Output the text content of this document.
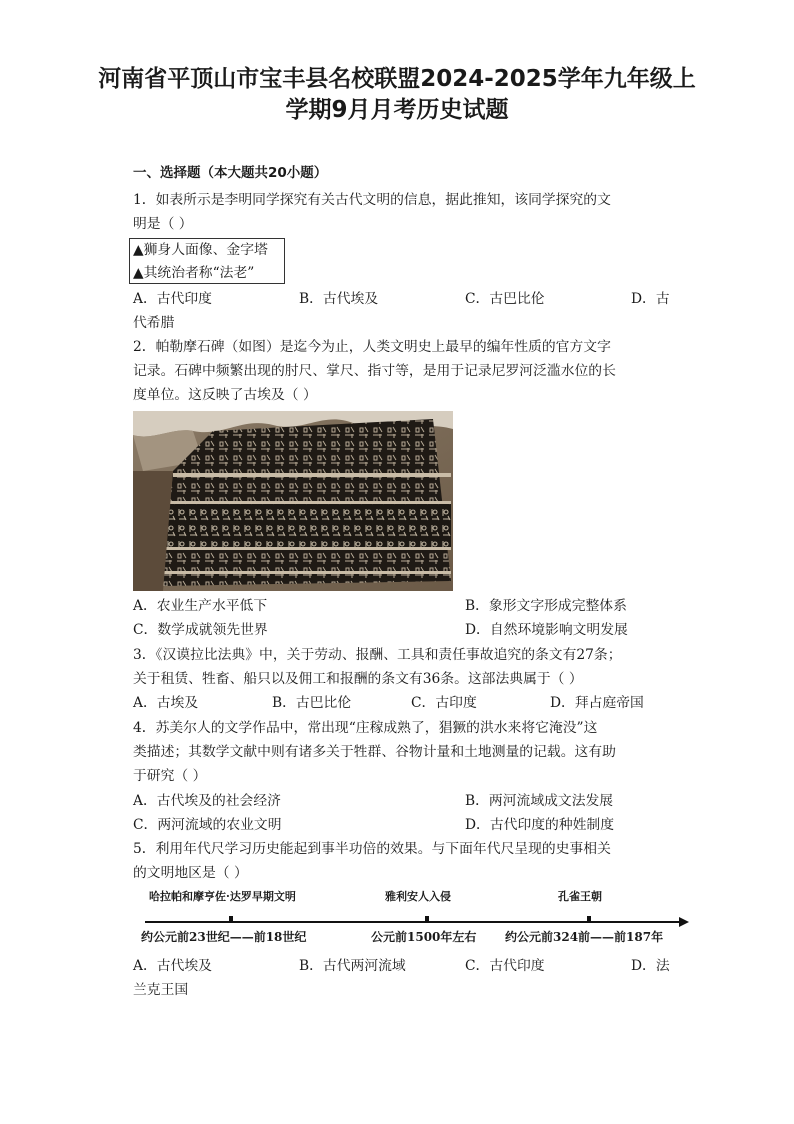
河南省平顶山市宝丰县名校联盟2024-2025学年九年级上
学期9月月考历史试题
一、选择题（本大题共20小题）

1．如表所示是李明同学探究有关古代文明的信息，据此推知，该同学探究的文

明是（ ）

▲狮身人面像、金字塔
▲其统治者称“法老”
A．古代印度	B．古代埃及	C．古巴比伦	D．古
代希腊

2．帕勒摩石碑（如图）是迄今为止，人类文明史上最早的编年性质的官方文字

记录。石碑中频繁出现的肘尺、掌尺、指寸等，是用于记录尼罗河泛滥水位的长

度单位。这反映了古埃及（ ）

A．农业生产水平低下	B．象形文字形成完整体系
C．数学成就领先世界	D．自然环境影响文明发展

3．《汉谟拉比法典》中，关于劳动、报酬、工具和责任事故追究的条文有27条；

关于租赁、牲畜、船只以及佣工和报酬的条文有36条。这部法典属于（ ）

A．古埃及	B．古巴比伦	C．古印度	D．拜占庭帝国

4．苏美尔人的文学作品中，常出现“庄稼成熟了，猖獗的洪水来将它淹没”这

类描述；其数学文献中则有诸多关于牲群、谷物计量和土地测量的记载。这有助

于研究（ ）

A．古代埃及的社会经济	B．两河流域成文法发展
C．两河流域的农业文明	D．古代印度的种姓制度

5．利用年代尺学习历史能起到事半功倍的效果。与下面年代尺呈现的史事相关

的文明地区是（ ）

哈拉帕和摩亨佐·达罗早期文明	雅利安人入侵	孔雀王朝
约公元前23世纪——前18世纪	公元前1500年左右 约公元前324前——前187年
A．古代埃及	B．古代两河流域	C．古代印度	D．法
兰克王国
